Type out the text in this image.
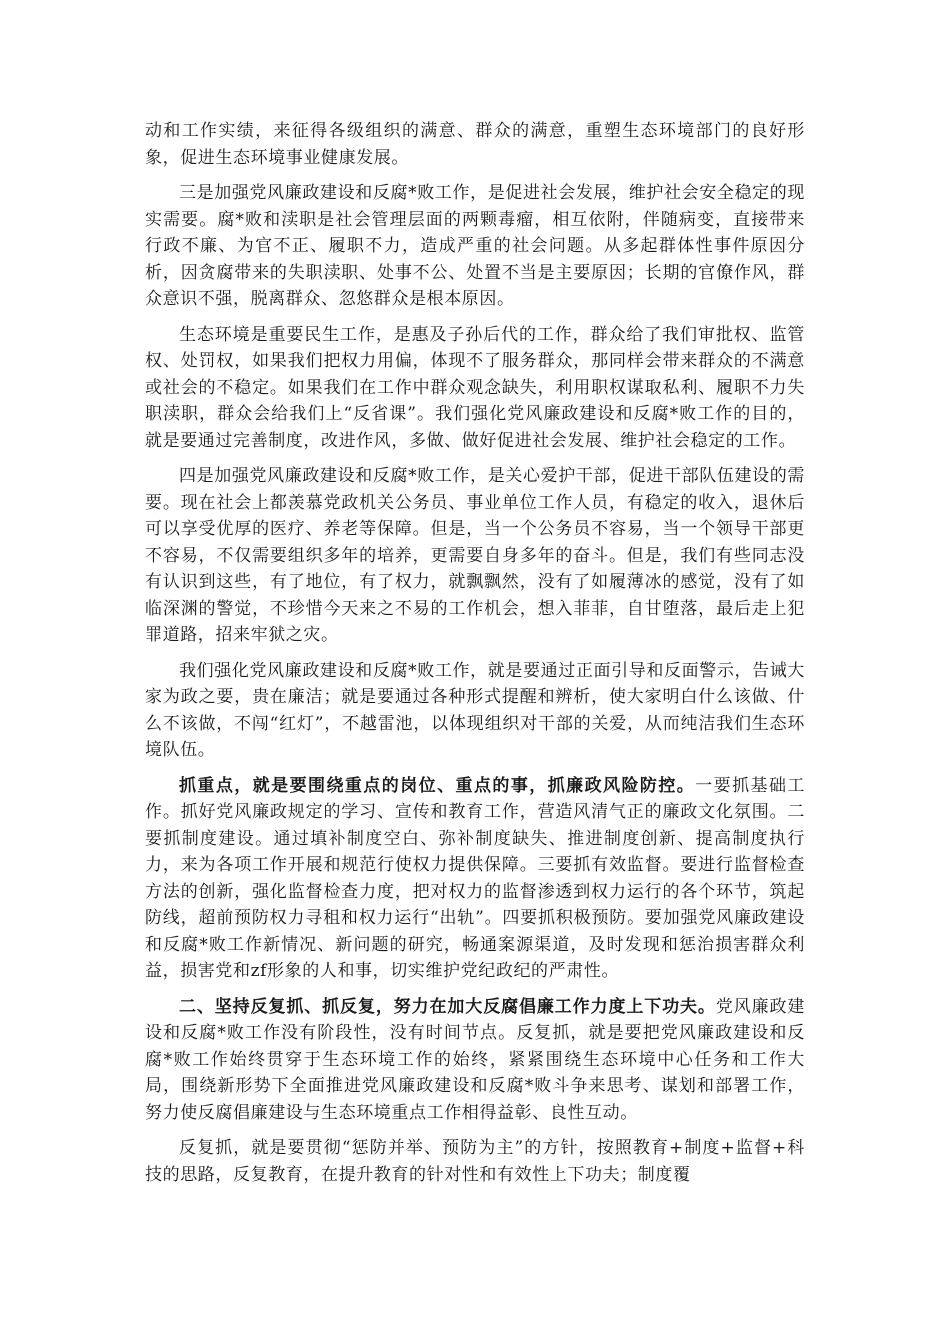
动和工作实绩，来征得各级组织的满意、群众的满意，重塑生态环境部门的良好形象，促进生态环境事业健康发展。

三是加强党风廉政建设和反腐*败工作，是促进社会发展，维护社会安全稳定的现实需要。腐*败和渎职是社会管理层面的两颗毒瘤，相互依附，伴随病变，直接带来行政不廉、为官不正、履职不力，造成严重的社会问题。从多起群体性事件原因分析，因贪腐带来的失职渎职、处事不公、处置不当是主要原因；长期的官僚作风，群众意识不强，脱离群众、忽悠群众是根本原因。

生态环境是重要民生工作，是惠及子孙后代的工作，群众给了我们审批权、监管权、处罚权，如果我们把权力用偏，体现不了服务群众，那同样会带来群众的不满意或社会的不稳定。如果我们在工作中群众观念缺失，利用职权谋取私利、履职不力失职渎职，群众会给我们上“反省课”。我们强化党风廉政建设和反腐*败工作的目的，就是要通过完善制度，改进作风，多做、做好促进社会发展、维护社会稳定的工作。

四是加强党风廉政建设和反腐*败工作，是关心爱护干部，促进干部队伍建设的需要。现在社会上都羡慕党政机关公务员、事业单位工作人员，有稳定的收入，退休后可以享受优厚的医疗、养老等保障。但是，当一个公务员不容易，当一个领导干部更不容易，不仅需要组织多年的培养，更需要自身多年的奋斗。但是，我们有些同志没有认识到这些，有了地位，有了权力，就飘飘然，没有了如履薄冰的感觉，没有了如临深渊的警觉，不珍惜今天来之不易的工作机会，想入菲菲，自甘堕落，最后走上犯罪道路，招来牢狱之灾。

我们强化党风廉政建设和反腐*败工作，就是要通过正面引导和反面警示，告诫大家为政之要，贵在廉洁；就是要通过各种形式提醒和辨析，使大家明白什么该做、什么不该做，不闯“红灯”，不越雷池，以体现组织对干部的关爱，从而纯洁我们生态环境队伍。

抓重点，就是要围绕重点的岗位、重点的事，抓廉政风险防控。一要抓基础工作。抓好党风廉政规定的学习、宣传和教育工作，营造风清气正的廉政文化氛围。二要抓制度建设。通过填补制度空白、弥补制度缺失、推进制度创新、提高制度执行力，来为各项工作开展和规范行使权力提供保障。三要抓有效监督。要进行监督检查方法的创新，强化监督检查力度，把对权力的监督渗透到权力运行的各个环节，筑起防线，超前预防权力寻租和权力运行“出轨”。四要抓积极预防。要加强党风廉政建设和反腐*败工作新情况、新问题的研究，畅通案源渠道，及时发现和惩治损害群众利益，损害党和zf形象的人和事，切实维护党纪政纪的严肃性。

二、坚持反复抓、抓反复，努力在加大反腐倡廉工作力度上下功夫。党风廉政建设和反腐*败工作没有阶段性，没有时间节点。反复抓，就是要把党风廉政建设和反腐*败工作始终贯穿于生态环境工作的始终，紧紧围绕生态环境中心任务和工作大局，围绕新形势下全面推进党风廉政建设和反腐*败斗争来思考、谋划和部署工作，努力使反腐倡廉建设与生态环境重点工作相得益彰、良性互动。

反复抓，就是要贯彻“惩防并举、预防为主”的方针，按照教育+制度+监督+科技的思路，反复教育，在提升教育的针对性和有效性上下功夫；制度覆
